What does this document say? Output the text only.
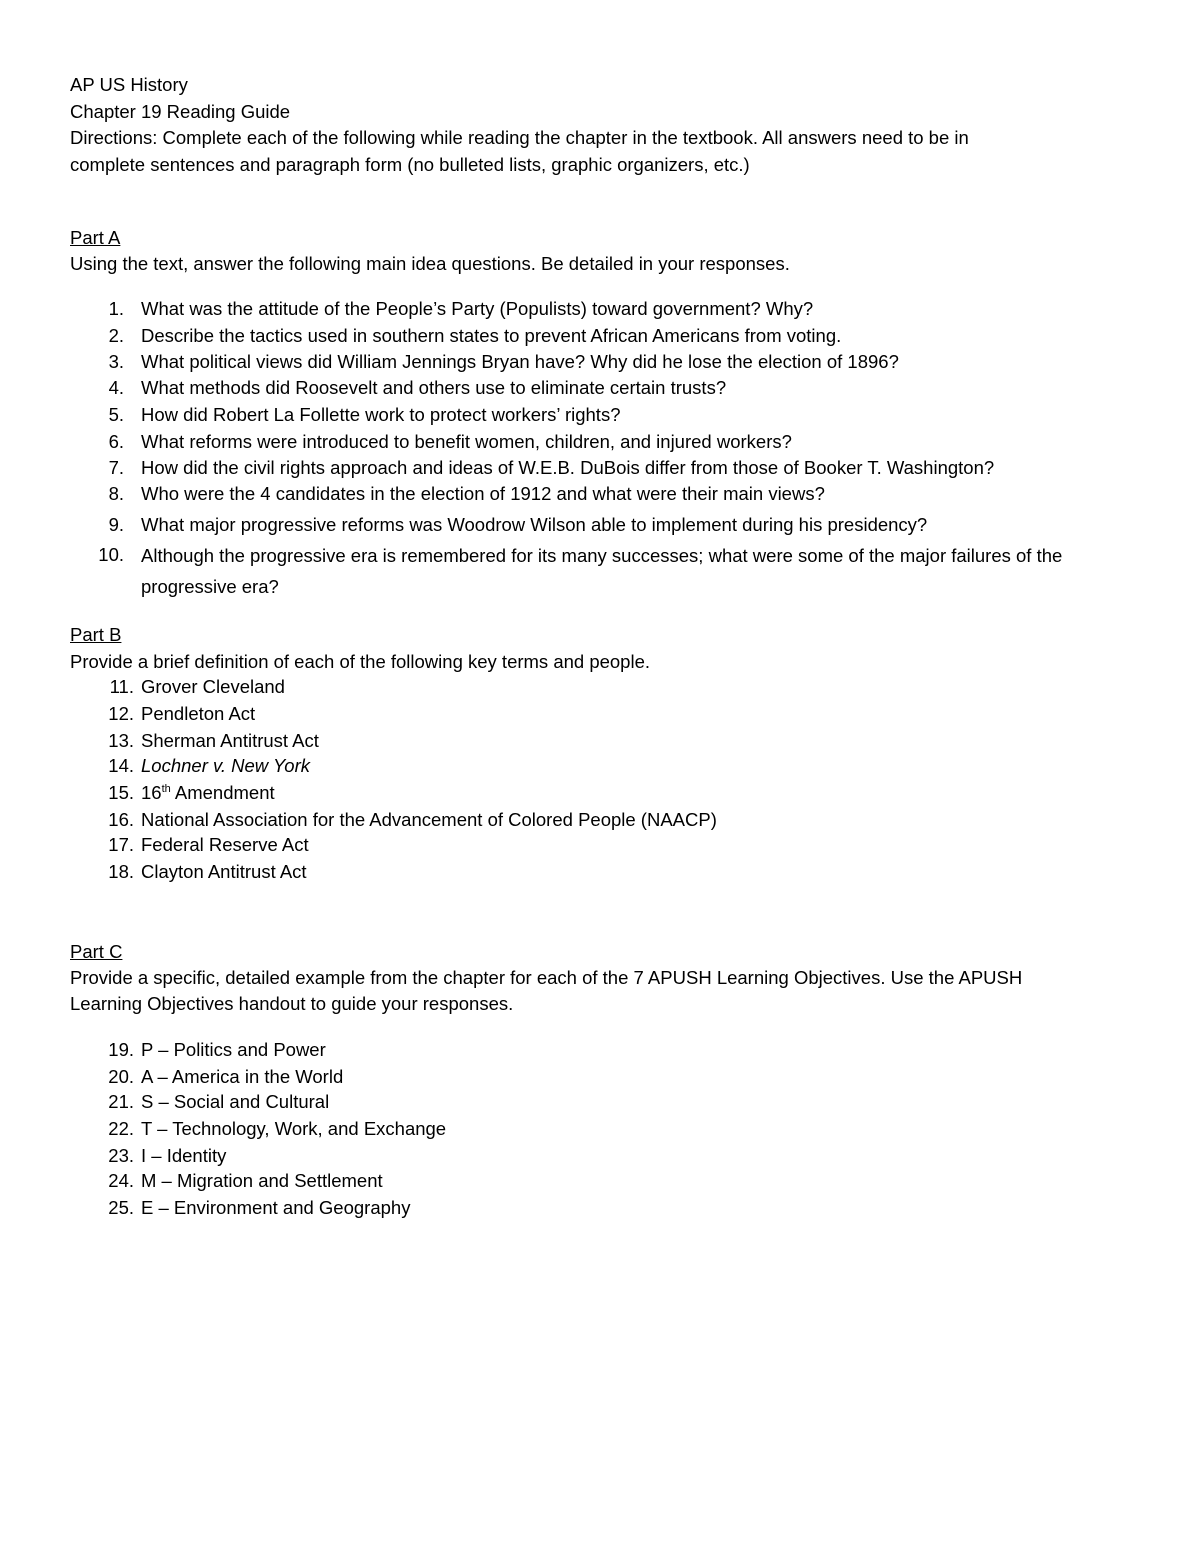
AP US History
Chapter 19 Reading Guide
Directions: Complete each of the following while reading the chapter in the textbook. All answers need to be in
complete sentences and paragraph form (no bulleted lists, graphic organizers, etc.)
Part A
Using the text, answer the following main idea questions. Be detailed in your responses.
1. What was the attitude of the People’s Party (Populists) toward government? Why?
2. Describe the tactics used in southern states to prevent African Americans from voting.
3. What political views did William Jennings Bryan have? Why did he lose the election of 1896?
4. What methods did Roosevelt and others use to eliminate certain trusts?
5. How did Robert La Follette work to protect workers’ rights?
6. What reforms were introduced to benefit women, children, and injured workers?
7. How did the civil rights approach and ideas of W.E.B. DuBois differ from those of Booker T. Washington?
8. Who were the 4 candidates in the election of 1912 and what were their main views?
9. What major progressive reforms was Woodrow Wilson able to implement during his presidency?
10. Although the progressive era is remembered for its many successes; what were some of the major failures of the progressive era?
Part B
Provide a brief definition of each of the following key terms and people.
11. Grover Cleveland
12. Pendleton Act
13. Sherman Antitrust Act
14. Lochner v. New York
15. 16th Amendment
16. National Association for the Advancement of Colored People (NAACP)
17. Federal Reserve Act
18. Clayton Antitrust Act
Part C
Provide a specific, detailed example from the chapter for each of the 7 APUSH Learning Objectives. Use the APUSH
Learning Objectives handout to guide your responses.
19. P – Politics and Power
20. A – America in the World
21. S – Social and Cultural
22. T – Technology, Work, and Exchange
23. I – Identity
24. M – Migration and Settlement
25. E – Environment and Geography
